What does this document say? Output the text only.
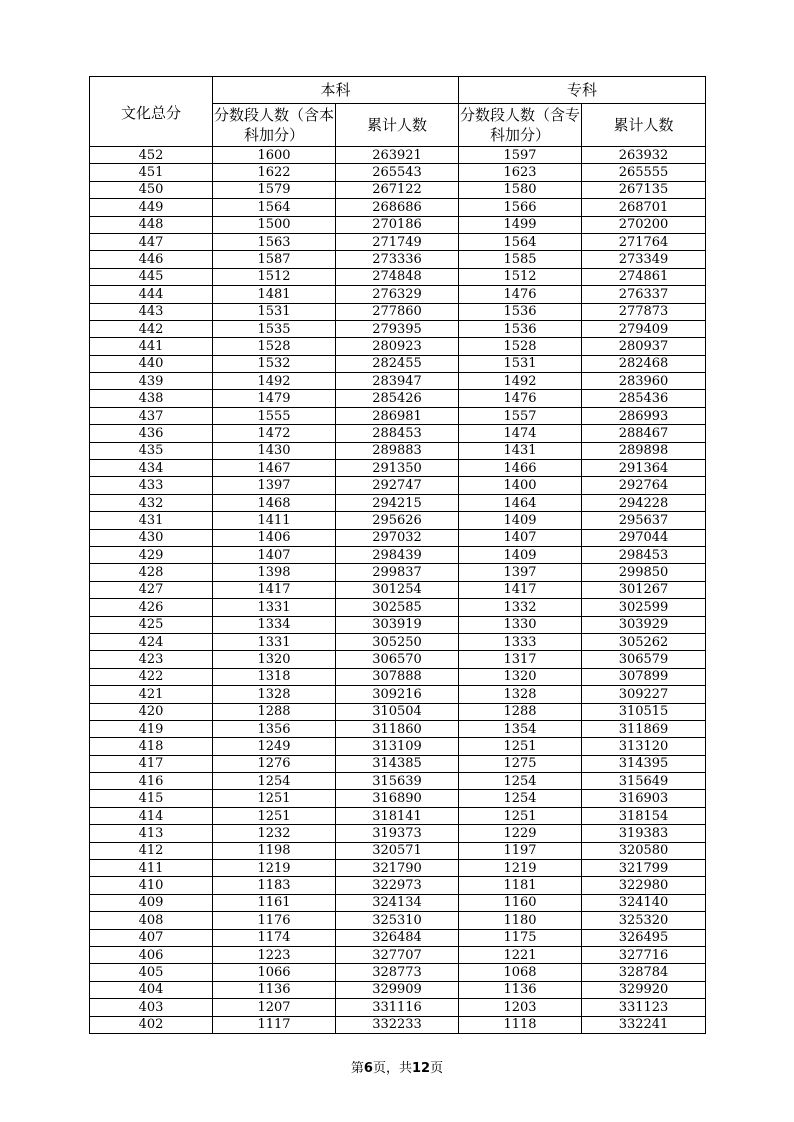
文化总分	本科		专科	
	分数段人数（含本科加分）	累计人数	分数段人数（含专科加分）	累计人数
452	1600	263921	1597	263932
451	1622	265543	1623	265555
450	1579	267122	1580	267135
449	1564	268686	1566	268701
448	1500	270186	1499	270200
447	1563	271749	1564	271764
446	1587	273336	1585	273349
445	1512	274848	1512	274861
444	1481	276329	1476	276337
443	1531	277860	1536	277873
442	1535	279395	1536	279409
441	1528	280923	1528	280937
440	1532	282455	1531	282468
439	1492	283947	1492	283960
438	1479	285426	1476	285436
437	1555	286981	1557	286993
436	1472	288453	1474	288467
435	1430	289883	1431	289898
434	1467	291350	1466	291364
433	1397	292747	1400	292764
432	1468	294215	1464	294228
431	1411	295626	1409	295637
430	1406	297032	1407	297044
429	1407	298439	1409	298453
428	1398	299837	1397	299850
427	1417	301254	1417	301267
426	1331	302585	1332	302599
425	1334	303919	1330	303929
424	1331	305250	1333	305262
423	1320	306570	1317	306579
422	1318	307888	1320	307899
421	1328	309216	1328	309227
420	1288	310504	1288	310515
419	1356	311860	1354	311869
418	1249	313109	1251	313120
417	1276	314385	1275	314395
416	1254	315639	1254	315649
415	1251	316890	1254	316903
414	1251	318141	1251	318154
413	1232	319373	1229	319383
412	1198	320571	1197	320580
411	1219	321790	1219	321799
410	1183	322973	1181	322980
409	1161	324134	1160	324140
408	1176	325310	1180	325320
407	1174	326484	1175	326495
406	1223	327707	1221	327716
405	1066	328773	1068	328784
404	1136	329909	1136	329920
403	1207	331116	1203	331123
402	1117	332233	1118	332241
第6页，共12页
